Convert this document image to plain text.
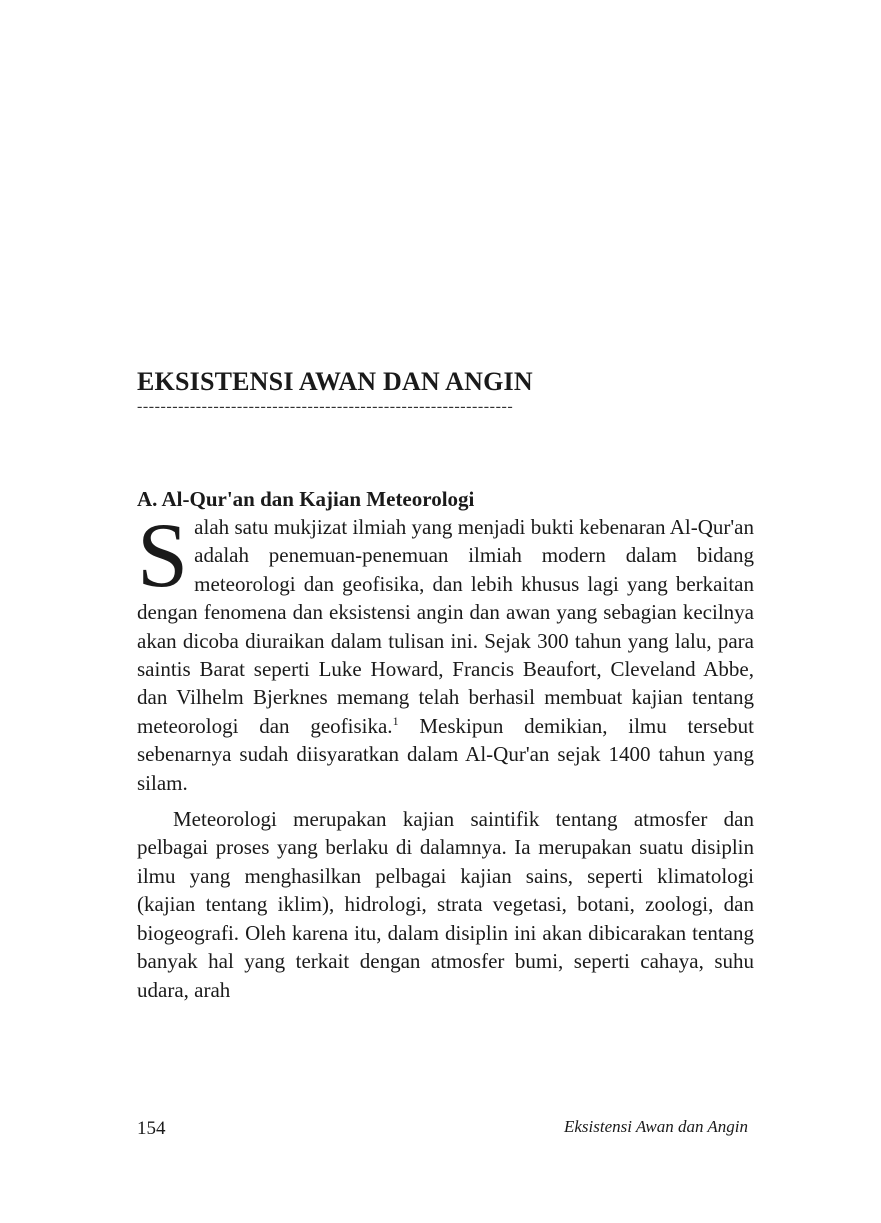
EKSISTENSI AWAN DAN ANGIN
----------------------------------------------------------------
A. Al-Qur'an dan Kajian Meteorologi

Salah satu mukjizat ilmiah yang menjadi bukti kebenaran Al-Qur'an adalah penemuan-penemuan ilmiah modern dalam bidang meteorologi dan geofisika, dan lebih khusus lagi yang berkaitan dengan fenomena dan eksistensi angin dan awan yang sebagian kecilnya akan dicoba diuraikan dalam tulisan ini. Sejak 300 tahun yang lalu, para saintis Barat seperti Luke Howard, Francis Beaufort, Cleveland Abbe, dan Vilhelm Bjerknes memang telah berhasil membuat kajian tentang meteorologi dan geofisika.$^1$ Meskipun demikian, ilmu tersebut sebenarnya sudah diisyaratkan dalam Al-Qur'an sejak 1400 tahun yang silam.

Meteorologi merupakan kajian saintifik tentang atmosfer dan pelbagai proses yang berlaku di dalamnya. Ia merupakan suatu disiplin ilmu yang menghasilkan pelbagai kajian sains, seperti klimatologi (kajian tentang iklim), hidrologi, strata vegetasi, botani, zoologi, dan biogeografi. Oleh karena itu, dalam disiplin ini akan dibicarakan tentang banyak hal yang terkait dengan atmosfer bumi, seperti cahaya, suhu udara, arah

154	Eksistensi Awan dan Angin
